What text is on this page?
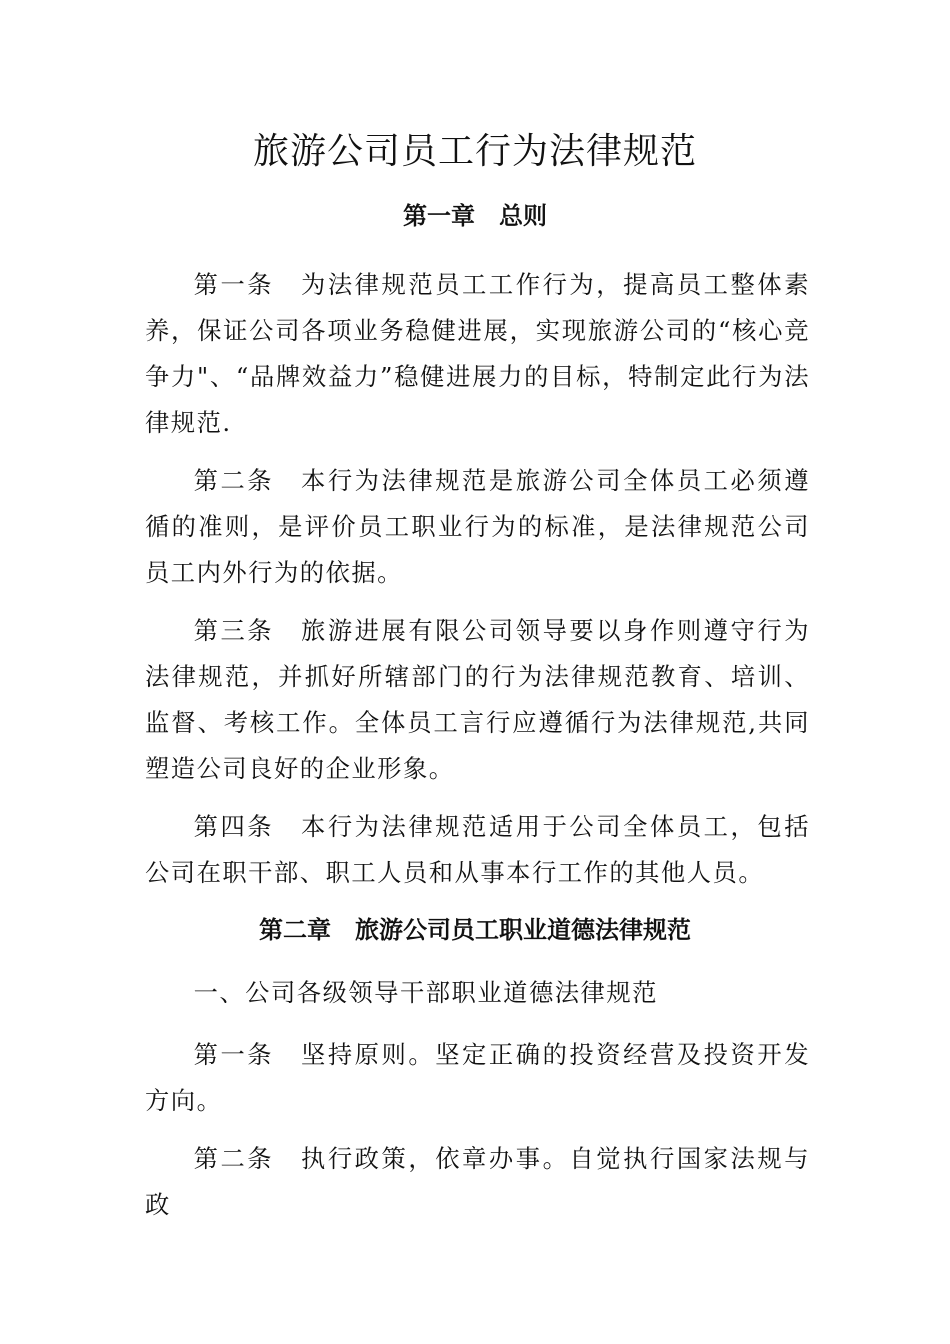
旅游公司员工行为法律规范
第一章　总则

第一条　为法律规范员工工作行为，提高员工整体素养，保证公司各项业务稳健进展，实现旅游公司的“核心竞争力"、“品牌效益力”稳健进展力的目标，特制定此行为法律规范.

第二条　本行为法律规范是旅游公司全体员工必须遵循的准则，是评价员工职业行为的标准，是法律规范公司员工内外行为的依据。

第三条　旅游进展有限公司领导要以身作则遵守行为法律规范，并抓好所辖部门的行为法律规范教育、培训、监督、考核工作。全体员工言行应遵循行为法律规范,共同塑造公司良好的企业形象。

第四条　本行为法律规范适用于公司全体员工，包括公司在职干部、职工人员和从事本行工作的其他人员。

第二章　旅游公司员工职业道德法律规范

一、公司各级领导干部职业道德法律规范

第一条　坚持原则。坚定正确的投资经营及投资开发方向。

第二条　执行政策，依章办事。自觉执行国家法规与政
